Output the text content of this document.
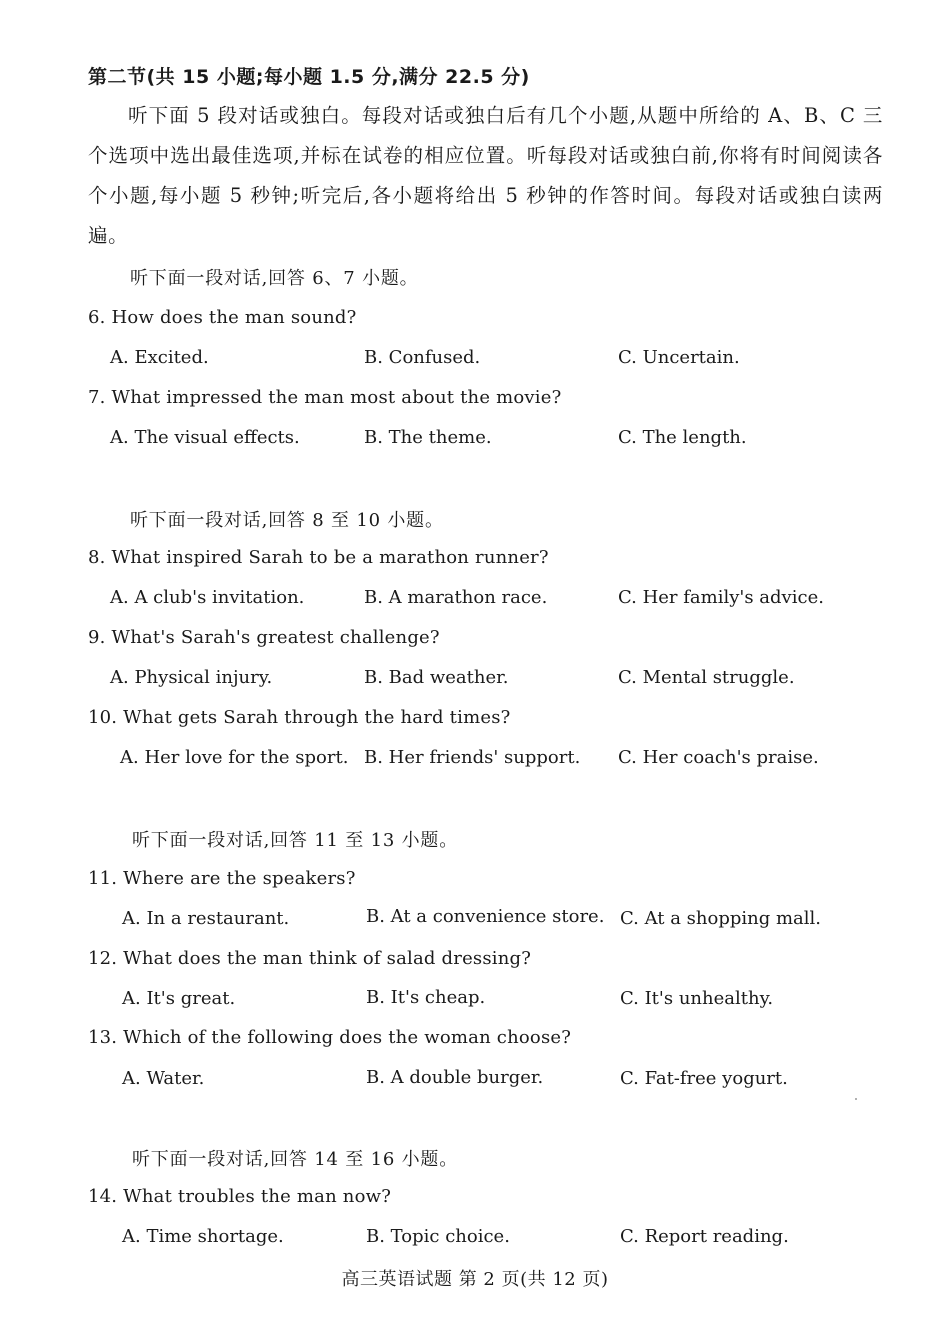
第二节(共 15 小题;每小题 1.5 分,满分 22.5 分)
听下面 5 段对话或独白。每段对话或独白后有几个小题,从题中所给的 A、B、C 三个选项中选出最佳选项,并标在试卷的相应位置。听每段对话或独白前,你将有时间阅读各个小题,每小题 5 秒钟;听完后,各小题将给出 5 秒钟的作答时间。每段对话或独白读两遍。
听下面一段对话,回答 6、7 小题。
6. How does the man sound?
A. Excited.	B. Confused.	C. Uncertain.
7. What impressed the man most about the movie?
A. The visual effects.	B. The theme.	C. The length.
听下面一段对话,回答 8 至 10 小题。
8. What inspired Sarah to be a marathon runner?
A. A club's invitation.	B. A marathon race.	C. Her family's advice.
9. What's Sarah's greatest challenge?
A. Physical injury.	B. Bad weather.	C. Mental struggle.
10. What gets Sarah through the hard times?
A. Her love for the sport. B. Her friends' support. C. Her coach's praise.
听下面一段对话,回答 11 至 13 小题。
11. Where are the speakers?
A. In a restaurant.	B. At a convenience store. C. At a shopping mall.
12. What does the man think of salad dressing?
A. It's great.	B. It's cheap.	C. It's unhealthy.
13. Which of the following does the woman choose?
A. Water.	B. A double burger.	C. Fat-free yogurt.
听下面一段对话,回答 14 至 16 小题。
14. What troubles the man now?
A. Time shortage.	B. Topic choice.	C. Report reading.
高三英语试题 第 2 页(共 12 页)
